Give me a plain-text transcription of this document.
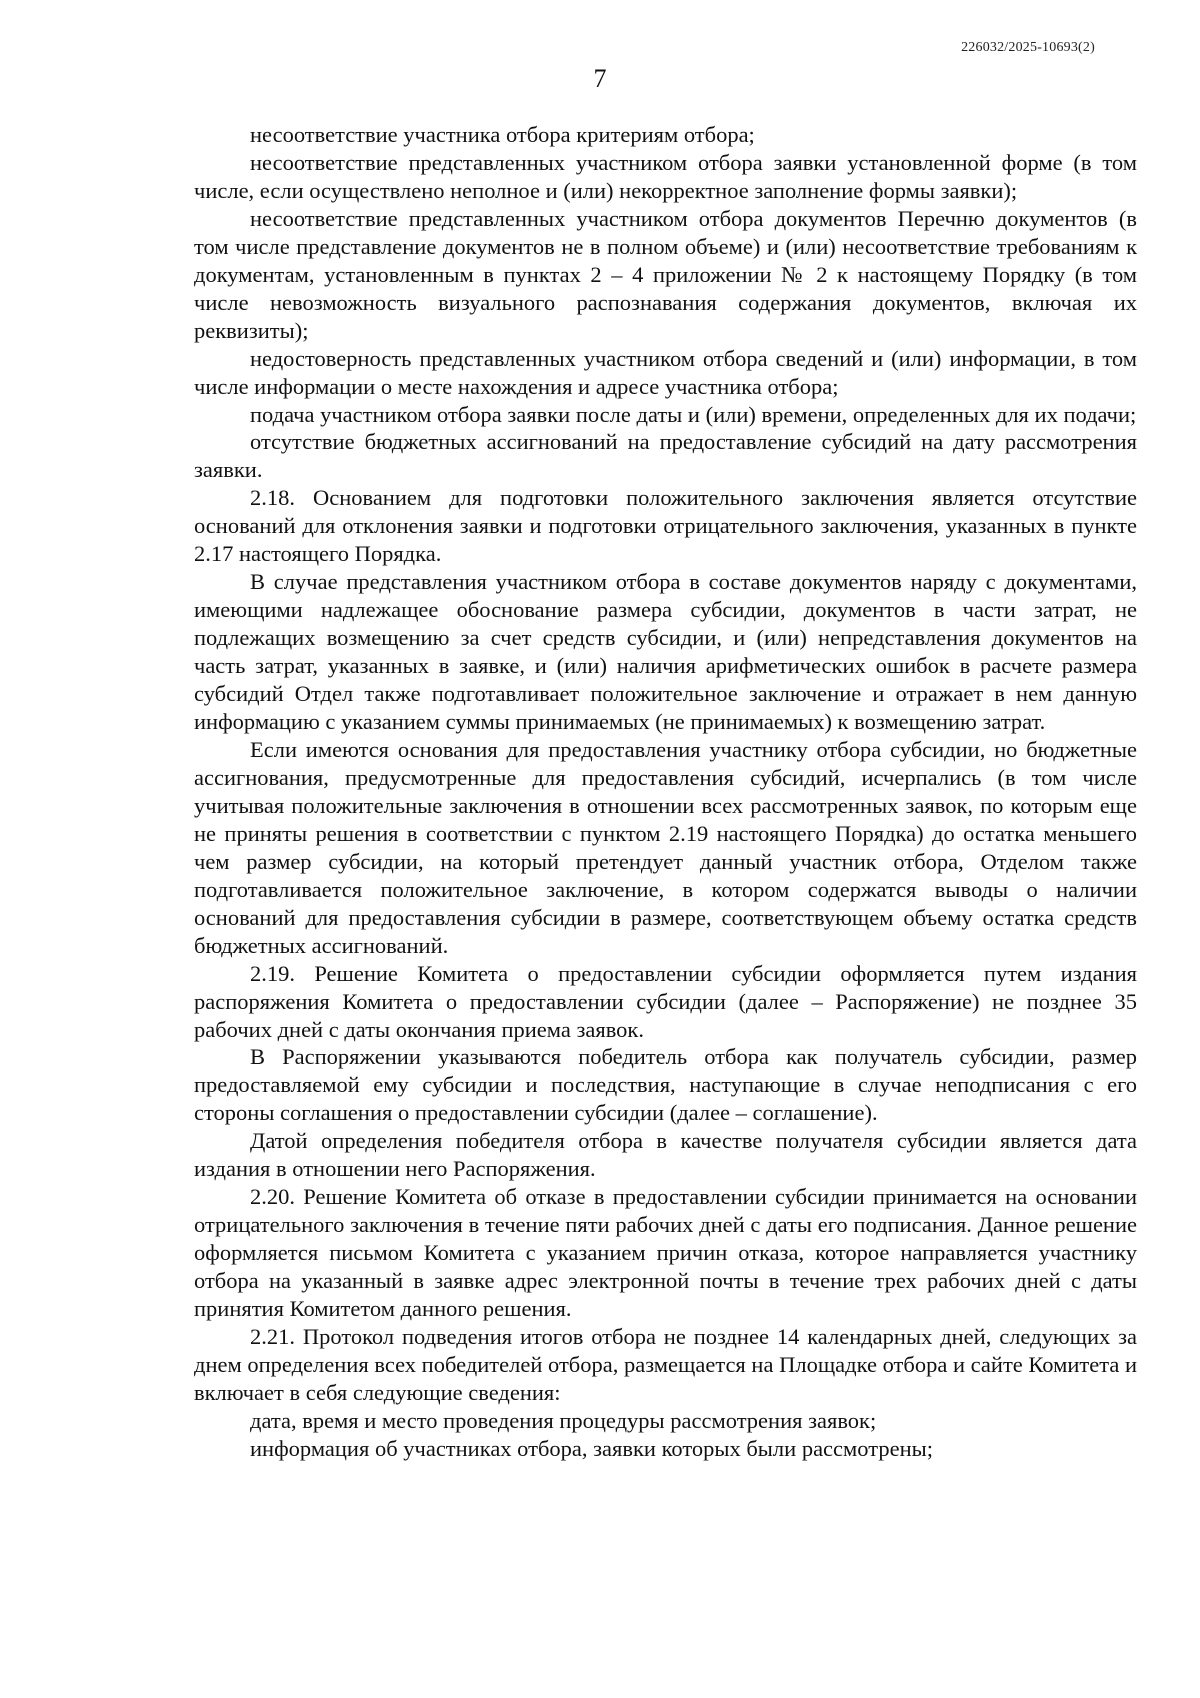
226032/2025-10693(2)
7

несоответствие участника отбора критериям отбора;

несоответствие представленных участником отбора заявки установленной форме (в том числе, если осуществлено неполное и (или) некорректное заполнение формы заявки);

несоответствие представленных участником отбора документов Перечню документов (в том числе представление документов не в полном объеме) и (или) несоответствие требованиям к документам, установленным в пунктах 2 – 4 приложении № 2 к настоящему Порядку (в том числе невозможность визуального распознавания содержания документов, включая их реквизиты);

недостоверность представленных участником отбора сведений и (или) информации, в том числе информации о месте нахождения и адресе участника отбора;

подача участником отбора заявки после даты и (или) времени, определенных для их подачи;

отсутствие бюджетных ассигнований на предоставление субсидий на дату рассмотрения заявки.

2.18. Основанием для подготовки положительного заключения является отсутствие оснований для отклонения заявки и подготовки отрицательного заключения, указанных в пункте 2.17 настоящего Порядка.

В случае представления участником отбора в составе документов наряду с документами, имеющими надлежащее обоснование размера субсидии, документов в части затрат, не подлежащих возмещению за счет средств субсидии, и (или) непредставления документов на часть затрат, указанных в заявке, и (или) наличия арифметических ошибок в расчете размера субсидий Отдел также подготавливает положительное заключение и отражает в нем данную информацию с указанием суммы принимаемых (не принимаемых) к возмещению затрат.

Если имеются основания для предоставления участнику отбора субсидии, но бюджетные ассигнования, предусмотренные для предоставления субсидий, исчерпались (в том числе учитывая положительные заключения в отношении всех рассмотренных заявок, по которым еще не приняты решения в соответствии с пунктом 2.19 настоящего Порядка) до остатка меньшего чем размер субсидии, на который претендует данный участник отбора, Отделом также подготавливается положительное заключение, в котором содержатся выводы о наличии оснований для предоставления субсидии в размере, соответствующем объему остатка средств бюджетных ассигнований.

2.19. Решение Комитета о предоставлении субсидии оформляется путем издания распоряжения Комитета о предоставлении субсидии (далее – Распоряжение) не позднее 35 рабочих дней с даты окончания приема заявок.

В Распоряжении указываются победитель отбора как получатель субсидии, размер предоставляемой ему субсидии и последствия, наступающие в случае неподписания с его стороны соглашения о предоставлении субсидии (далее – соглашение).

Датой определения победителя отбора в качестве получателя субсидии является дата издания в отношении него Распоряжения.

2.20. Решение Комитета об отказе в предоставлении субсидии принимается на основании отрицательного заключения в течение пяти рабочих дней с даты его подписания. Данное решение оформляется письмом Комитета с указанием причин отказа, которое направляется участнику отбора на указанный в заявке адрес электронной почты в течение трех рабочих дней с даты принятия Комитетом данного решения.

2.21. Протокол подведения итогов отбора не позднее 14 календарных дней, следующих за днем определения всех победителей отбора, размещается на Площадке отбора и сайте Комитета и включает в себя следующие сведения:

дата, время и место проведения процедуры рассмотрения заявок;

информация об участниках отбора, заявки которых были рассмотрены;
